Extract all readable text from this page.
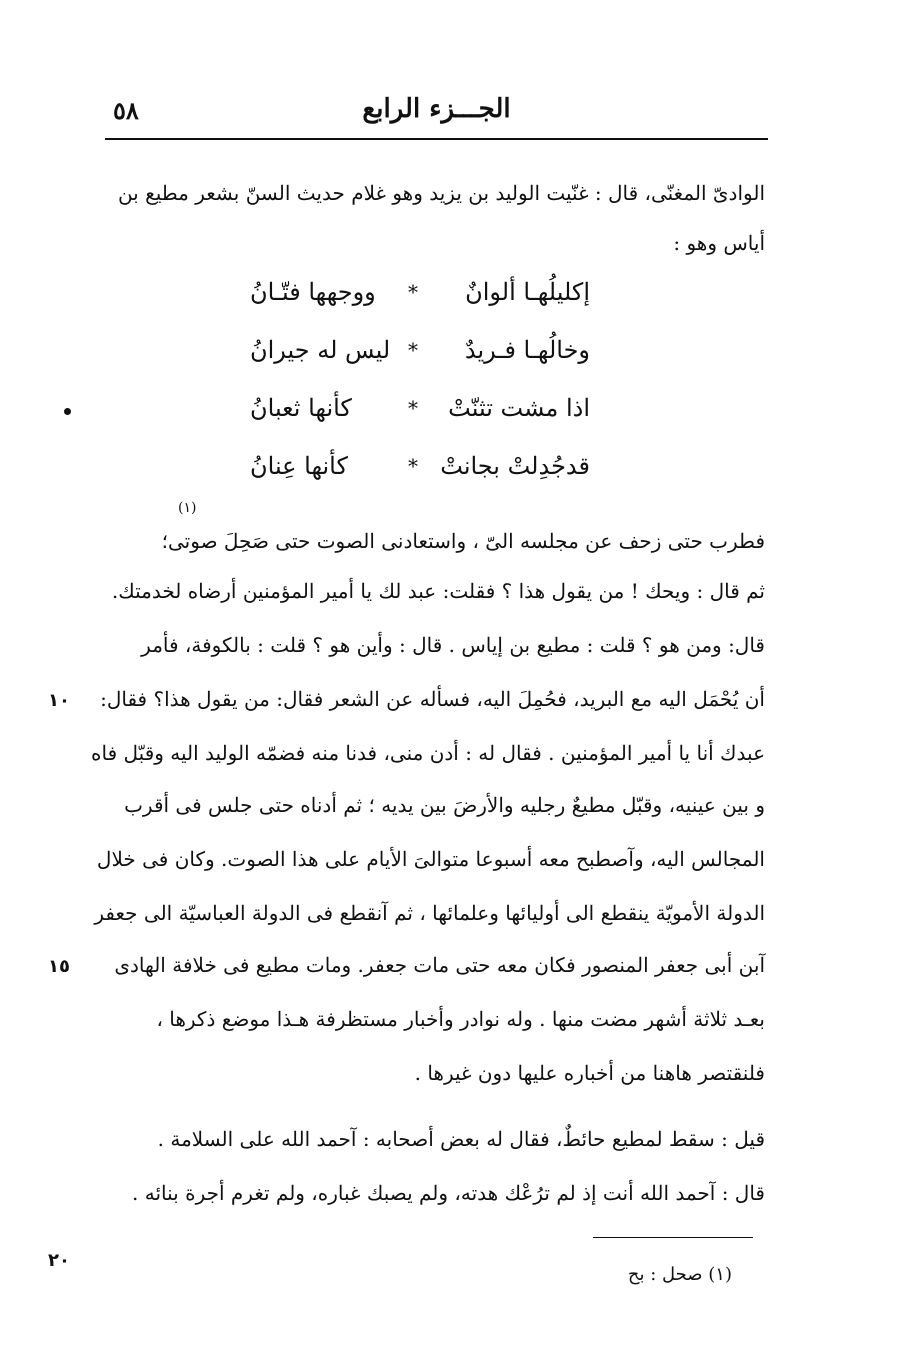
٥٨	الجـــزء الرابع
الوادىّ المغنّى، قال : غنّيت الوليد بن يزيد وهو غلام حديث السنّ بشعر مطيع بن
أياس وهو :
إكليلُهـا ألوانٌ
*
ووجهها فتّـانُ
وخالُهـا فـريدٌ
*
ليس له جيرانُ
اذا مشت تثنّتْ
*
كأنها ثعبانُ
قدجُدِلتْ بجانتْ
*
كأنها عِنانُ
(١)
فطرب حتى زحف عن مجلسه الىّ ، واستعادنى الصوت حتى صَحِلَ صوتى؛
ثم قال : ويحك ! من يقول هذا ؟ فقلت: عبد لك يا أمير المؤمنين أرضاه لخدمتك.
قال: ومن هو ؟ قلت : مطيع بن إياس . قال : وأين هو ؟ قلت : بالكوفة، فأمر
أن يُحْمَل اليه مع البريد، فحُمِلَ اليه، فسأله عن الشعر فقال: من يقول هذا؟ فقال:
عبدك أنا يا أمير المؤمنين . فقال له : أدن منى، فدنا منه فضمّه الوليد اليه وقبّل فاه
و بين عينيه، وقبّل مطيعٌ رجليه والأرضَ بين يديه ؛ ثم أدناه حتى جلس فى أقرب
المجالس اليه، وآصطبح معه أسبوعا متوالىَ الأيام على هذا الصوت. وكان فى خلال
الدولة الأمويّة ينقطع الى أوليائها وعلمائها ، ثم آنقطع فى الدولة العباسيّة الى جعفر
آبن أبى جعفر المنصور فكان معه حتى مات جعفر. ومات مطيع فى خلافة الهادى
بعـد ثلاثة أشهر مضت منها . وله نوادر وأخبار مستظرفة هـذا موضع ذكرها ،
فلنقتصر هاهنا من أخباره عليها دون غيرها .
قيل : سقط لمطيع حائطٌ، فقال له بعض أصحابه : آحمد الله على السلامة .
قال : آحمد الله أنت إذ لم ترُعْك هدته، ولم يصبك غباره، ولم تغرم أجرة بنائه .
١٠
١٥
٢٠
(١) صحل : بح
